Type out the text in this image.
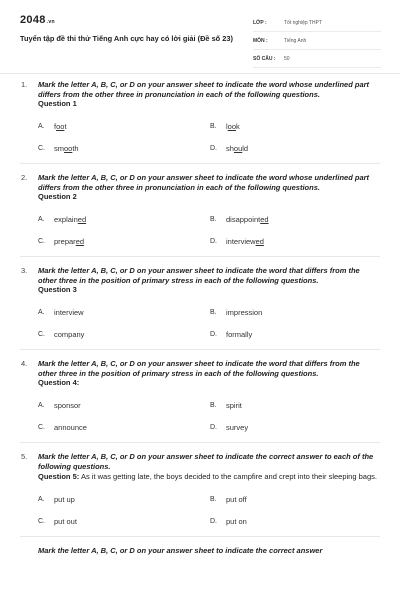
2048.vn
Tuyển tập đề thi thử Tiếng Anh cực hay có lời giải (Đề số 23)
LỚP :	Tốt nghiệp THPT
MÔN :	Tiếng Anh
SỐ CÂU :	50
1. Mark the letter A, B, C, or D on your answer sheet to indicate the word whose underlined part differs from the other three in pronunciation in each of the following questions.
Question 1
A.	foot	B.	look
C.	smooth	D.	should
2. Mark the letter A, B, C, or D on your answer sheet to indicate the word whose underlined part differs from the other three in pronunciation in each of the following questions.
Question 2
A.	explained	B.	disappointed
C.	prepared	D.	interviewed
3. Mark the letter A, B, C, or D on your answer sheet to indicate the word that differs from the other three in the position of primary stress in each of the following questions.
Question 3
A.	interview	B.	impression
C.	company	D.	formally
4. Mark the letter A, B, C, or D on your answer sheet to indicate the word that differs from the other three in the position of primary stress in each of the following questions.
Question 4:
A.	sponsor	B.	spirit
C.	announce	D.	survey
5. Mark the letter A, B, C, or D on your answer sheet to indicate the correct answer to each of the following questions.
Question 5: As it was getting late, the boys decided to the campfire and crept into their sleeping bags.
A.	put up	B.	put off
C.	put out	D.	put on
Mark the letter A, B, C, or D on your answer sheet to indicate the correct answer
